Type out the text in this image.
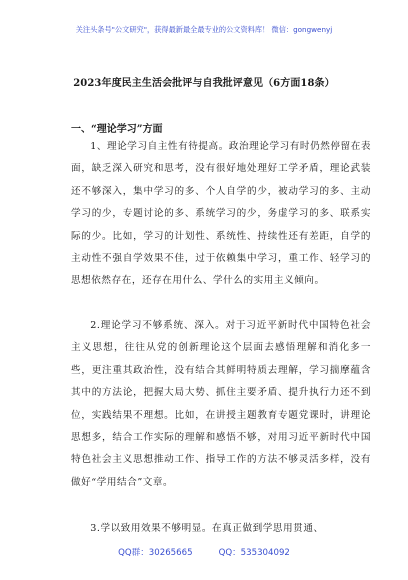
关注头条号"公文研究"，获得最新最全最专业的公文资料库！ 微信：gongwenyj
2023年度民主生活会批评与自我批评意见（6方面18条）
一、“理论学习”方面
1、理论学习自主性有待提高。政治理论学习有时仍然停留在表面，缺乏深入研究和思考，没有很好地处理好工学矛盾，理论武装还不够深入，集中学习的多、个人自学的少，被动学习的多、主动学习的少，专题讨论的多、系统学习的少，务虚学习的多、联系实际的少。比如，学习的计划性、系统性、持续性还有差距，自学的主动性不强自学效果不佳，过于依赖集中学习，重工作、轻学习的思想依然存在，还存在用什么、学什么的实用主义倾向。
2.理论学习不够系统、深入。对于习近平新时代中国特色社会主义思想，往往从党的创新理论这个层面去感悟理解和消化多一些，更注重其政治性，没有结合其鲜明特质去理解，学习揣摩蕴含其中的方法论，把握大局大势、抓住主要矛盾、提升执行力还不到位，实践结果不理想。比如，在讲授主题教育专题党课时，讲理论思想多，结合工作实际的理解和感悟不够，对用习近平新时代中国特色社会主义思想推动工作、指导工作的方法不够灵活多样，没有做好“学用结合”文章。
3.学以致用效果不够明显。在真正做到学思用贯通、
QQ群：30265665	QQ：535304092
